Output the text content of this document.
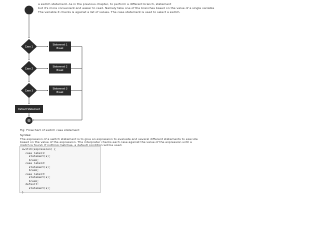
a switch statement. As in the previous chapter, to perform a different branch, statement
but it's more convenient and easier to read. Namely take one of the branches based on the value of a single variable
The variable it checks is against a list of values. The case statement is used to select a switch.
Case 1
Statement 1
Break
Case 2
Statement 2
Break
Case 3
Statement 3
Break
Default Statement
Fig: Flowchart of switch case statement
Syntax:
The expression of a switch statement is to give an expression to evaluate and several different statements to execute
based on the value of the expression. The interpreter checks each case against the value of the expression until a
match is found. If nothing matches, a default condition will be used.
switch(expression) {
case label1:
statement(s);
break;
case label2:
statement(s);
break;
case label3:
statement(s);
break;
default:
statement(s);
}
